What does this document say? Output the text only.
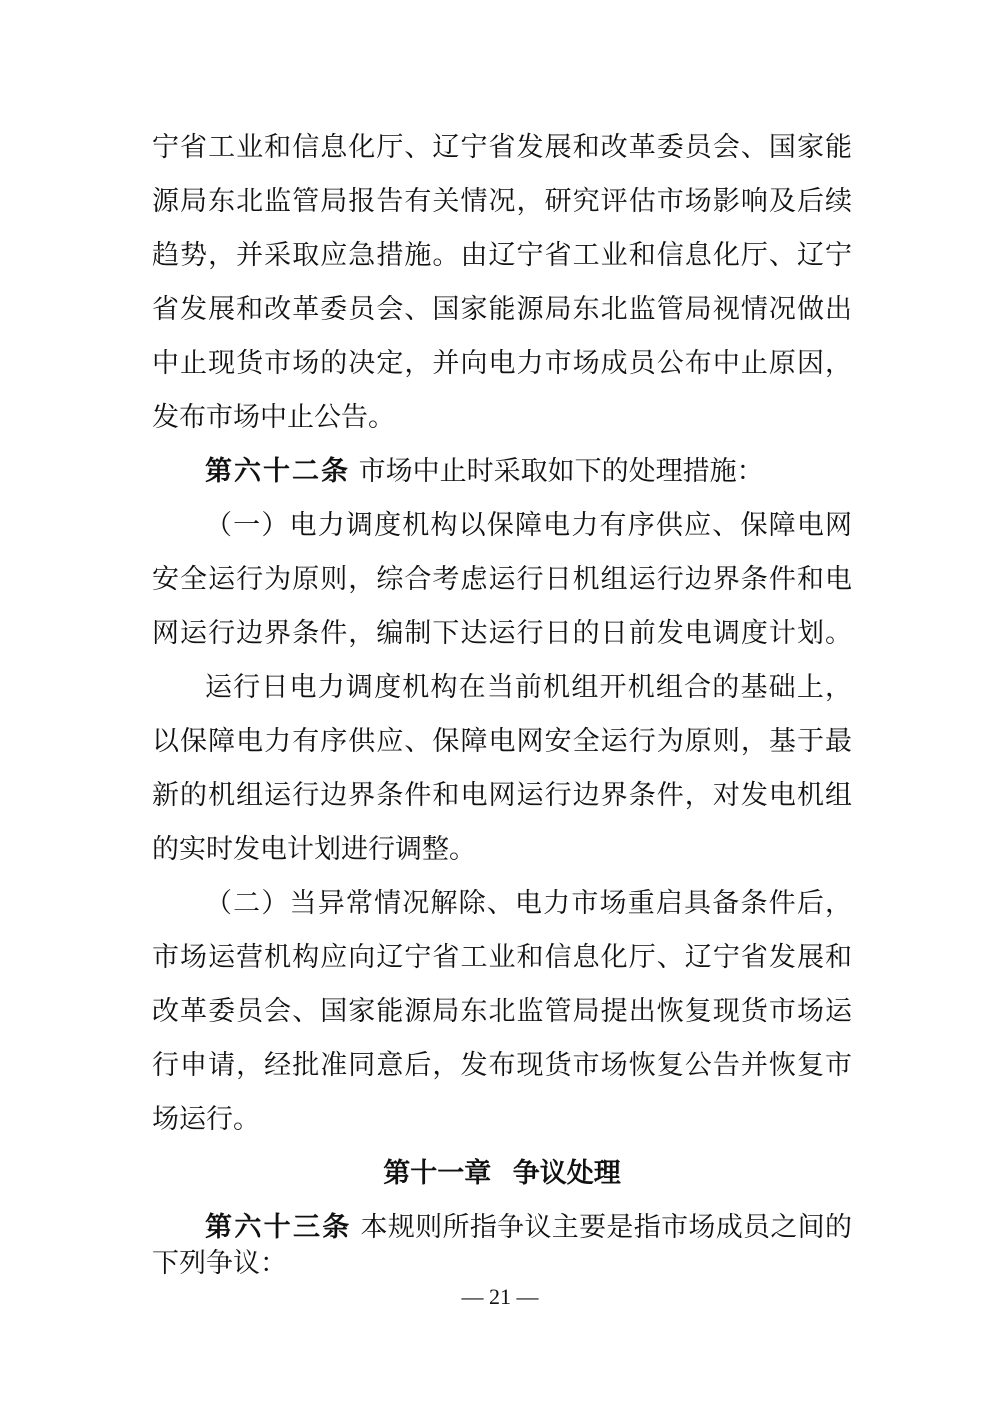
宁省工业和信息化厅、辽宁省发展和改革委员会、国家能
源局东北监管局报告有关情况，研究评估市场影响及后续
趋势，并采取应急措施。由辽宁省工业和信息化厅、辽宁
省发展和改革委员会、国家能源局东北监管局视情况做出
中止现货市场的决定，并向电力市场成员公布中止原因，
发布市场中止公告。
第六十二条 市场中止时采取如下的处理措施：
（一）电力调度机构以保障电力有序供应、保障电网
安全运行为原则，综合考虑运行日机组运行边界条件和电
网运行边界条件，编制下达运行日的日前发电调度计划。
运行日电力调度机构在当前机组开机组合的基础上，
以保障电力有序供应、保障电网安全运行为原则，基于最
新的机组运行边界条件和电网运行边界条件，对发电机组
的实时发电计划进行调整。
（二）当异常情况解除、电力市场重启具备条件后，
市场运营机构应向辽宁省工业和信息化厅、辽宁省发展和
改革委员会、国家能源局东北监管局提出恢复现货市场运
行申请，经批准同意后，发布现货市场恢复公告并恢复市
场运行。
第十一章 争议处理
第六十三条 本规则所指争议主要是指市场成员之间的
下列争议：
— 21 —
